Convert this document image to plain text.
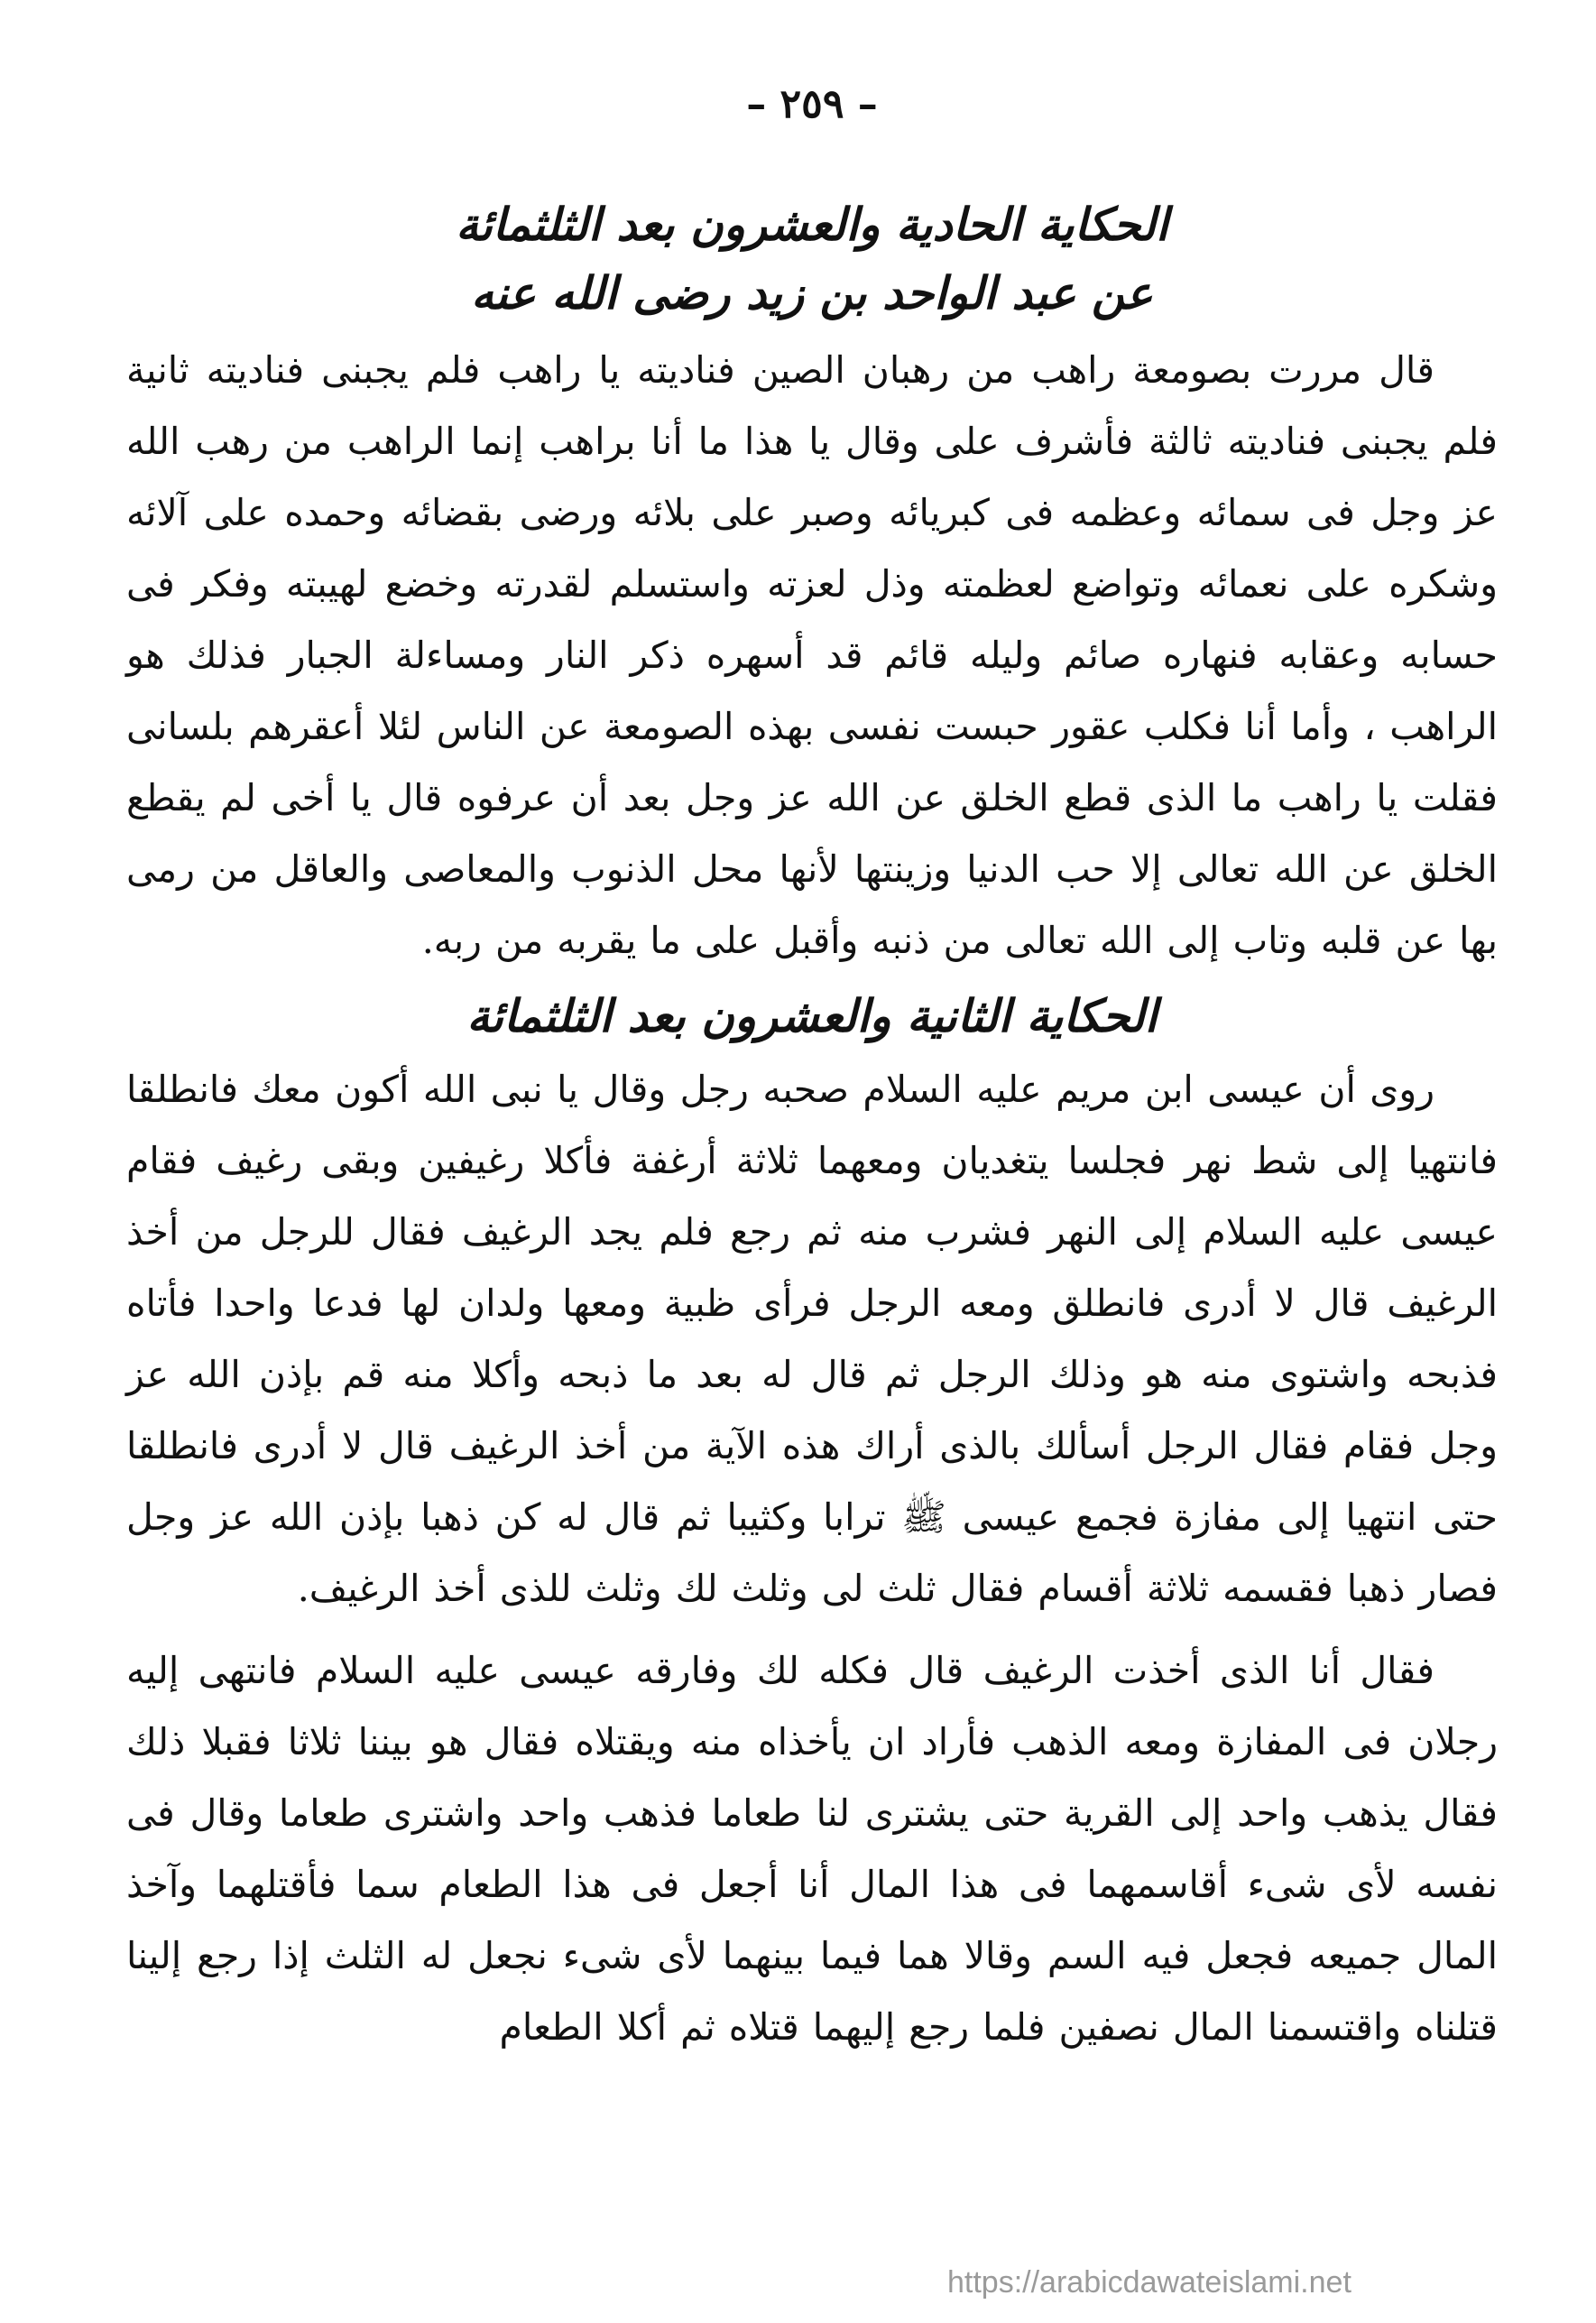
– ٢٥٩ –
الحكاية الحادية والعشرون بعد الثلثمائة
عن عبد الواحد بن زيد رضى الله عنه

قال مررت بصومعة راهب من رهبان الصين فناديته يا راهب فلم يجبنى فناديته ثانية فلم يجبنى فناديته ثالثة فأشرف على وقال يا هذا ما أنا براهب إنما الراهب من رهب الله عز وجل فى سمائه وعظمه فى كبريائه وصبر على بلائه ورضى بقضائه وحمده على آلائه وشكره على نعمائه وتواضع لعظمته وذل لعزته واستسلم لقدرته وخضع لهيبته وفكر فى حسابه وعقابه فنهاره صائم وليله قائم قد أسهره ذكر النار ومساءلة الجبار فذلك هو الراهب ، وأما أنا فكلب عقور حبست نفسى بهذه الصومعة عن الناس لئلا أعقرهم بلسانى فقلت يا راهب ما الذى قطع الخلق عن الله عز وجل بعد أن عرفوه قال يا أخى لم يقطع الخلق عن الله تعالى إلا حب الدنيا وزينتها لأنها محل الذنوب والمعاصى والعاقل من رمى بها عن قلبه وتاب إلى الله تعالى من ذنبه وأقبل على ما يقربه من ربه.

الحكاية الثانية والعشرون بعد الثلثمائة

روى أن عيسى ابن مريم عليه السلام صحبه رجل وقال يا نبى الله أكون معك فانطلقا فانتهيا إلى شط نهر فجلسا يتغديان ومعهما ثلاثة أرغفة فأكلا رغيفين وبقى رغيف فقام عيسى عليه السلام إلى النهر فشرب منه ثم رجع فلم يجد الرغيف فقال للرجل من أخذ الرغيف قال لا أدرى فانطلق ومعه الرجل فرأى ظبية ومعها ولدان لها فدعا واحدا فأتاه فذبحه واشتوى منه هو وذلك الرجل ثم قال له بعد ما ذبحه وأكلا منه قم بإذن الله عز وجل فقام فقال الرجل أسألك بالذى أراك هذه الآية من أخذ الرغيف قال لا أدرى فانطلقا حتى انتهيا إلى مفازة فجمع عيسى ﷺ ترابا وكثيبا ثم قال له كن ذهبا بإذن الله عز وجل فصار ذهبا فقسمه ثلاثة أقسام فقال ثلث لى وثلث لك وثلث للذى أخذ الرغيف.

فقال أنا الذى أخذت الرغيف قال فكله لك وفارقه عيسى عليه السلام فانتهى إليه رجلان فى المفازة ومعه الذهب فأراد ان يأخذاه منه ويقتلاه فقال هو بيننا ثلاثا فقبلا ذلك فقال يذهب واحد إلى القرية حتى يشترى لنا طعاما فذهب واحد واشترى طعاما وقال فى نفسه لأى شىء أقاسمهما فى هذا المال أنا أجعل فى هذا الطعام سما فأقتلهما وآخذ المال جميعه فجعل فيه السم وقالا هما فيما بينهما لأى شىء نجعل له الثلث إذا رجع إلينا قتلناه واقتسمنا المال نصفين فلما رجع إليهما قتلاه ثم أكلا الطعام

https://arabicdawateislami.net
